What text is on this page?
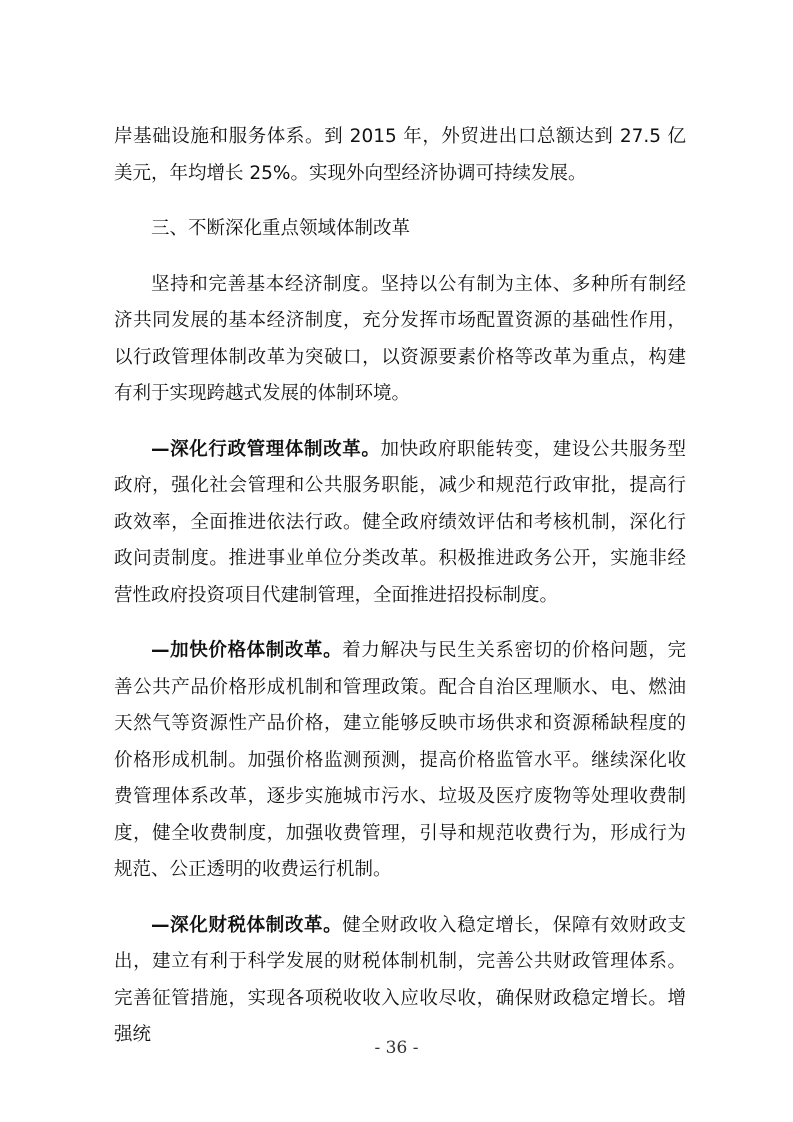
岸基础设施和服务体系。到 2015 年，外贸进出口总额达到 27.5 亿美元，年均增长 25%。实现外向型经济协调可持续发展。

三、不断深化重点领域体制改革

坚持和完善基本经济制度。坚持以公有制为主体、多种所有制经济共同发展的基本经济制度，充分发挥市场配置资源的基础性作用，以行政管理体制改革为突破口，以资源要素价格等改革为重点，构建有利于实现跨越式发展的体制环境。

—深化行政管理体制改革。加快政府职能转变，建设公共服务型政府，强化社会管理和公共服务职能，减少和规范行政审批，提高行政效率，全面推进依法行政。健全政府绩效评估和考核机制，深化行政问责制度。推进事业单位分类改革。积极推进政务公开，实施非经营性政府投资项目代建制管理，全面推进招投标制度。

—加快价格体制改革。着力解决与民生关系密切的价格问题，完善公共产品价格形成机制和管理政策。配合自治区理顺水、电、燃油天然气等资源性产品价格，建立能够反映市场供求和资源稀缺程度的价格形成机制。加强价格监测预测，提高价格监管水平。继续深化收费管理体系改革，逐步实施城市污水、垃圾及医疗废物等处理收费制度，健全收费制度，加强收费管理，引导和规范收费行为，形成行为规范、公正透明的收费运行机制。

—深化财税体制改革。健全财政收入稳定增长，保障有效财政支出，建立有利于科学发展的财税体制机制，完善公共财政管理体系。完善征管措施，实现各项税收收入应收尽收，确保财政稳定增长。增强统

- 36 -
